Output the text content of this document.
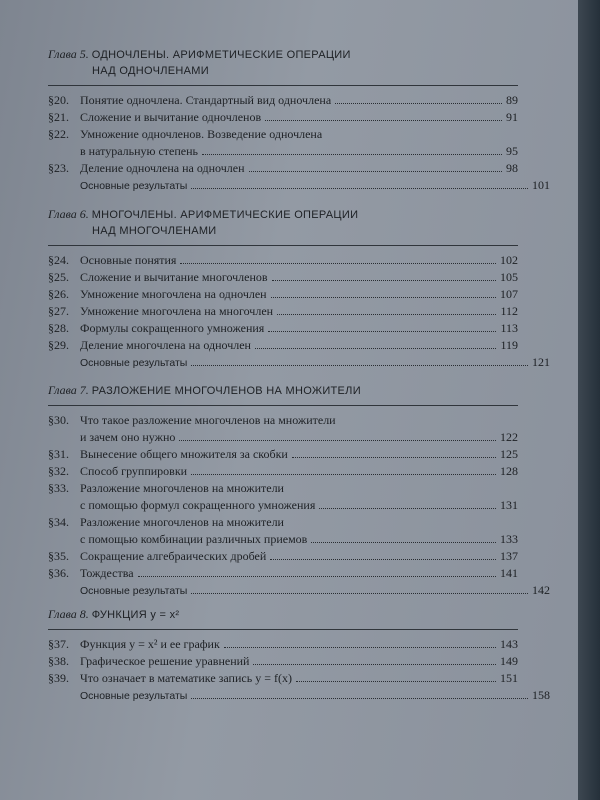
Глава 5. ОДНОЧЛЕНЫ. АРИФМЕТИЧЕСКИЕ ОПЕРАЦИИ
НАД ОДНОЧЛЕНАМИ
§20. Понятие одночлена. Стандартный вид одночлена	89
§21. Сложение и вычитание одночленов	91
§22. Умножение одночленов. Возведение одночлена
в натуральную степень	95
§23. Деление одночлена на одночлен	98
Основные результаты	101
Глава 6. МНОГОЧЛЕНЫ. АРИФМЕТИЧЕСКИЕ ОПЕРАЦИИ
НАД МНОГОЧЛЕНАМИ
§24. Основные понятия	102
§25. Сложение и вычитание многочленов	105
§26. Умножение многочлена на одночлен	107
§27. Умножение многочлена на многочлен	112
§28. Формулы сокращенного умножения	113
§29. Деление многочлена на одночлен	119
Основные результаты	121
Глава 7. РАЗЛОЖЕНИЕ МНОГОЧЛЕНОВ НА МНОЖИТЕЛИ
§30. Что такое разложение многочленов на множители
и зачем оно нужно	122
§31. Вынесение общего множителя за скобки	125
§32. Способ группировки	128
§33. Разложение многочленов на множители
с помощью формул сокращенного умножения	131
§34. Разложение многочленов на множители
с помощью комбинации различных приемов	133
§35. Сокращение алгебраических дробей	137
§36. Тождества	141
Основные результаты	142
Глава 8. ФУНКЦИЯ y = x²
§37. Функция y = x² и ее график	143
§38. Графическое решение уравнений	149
§39. Что означает в математике запись y = f(x)	151
Основные результаты	158
